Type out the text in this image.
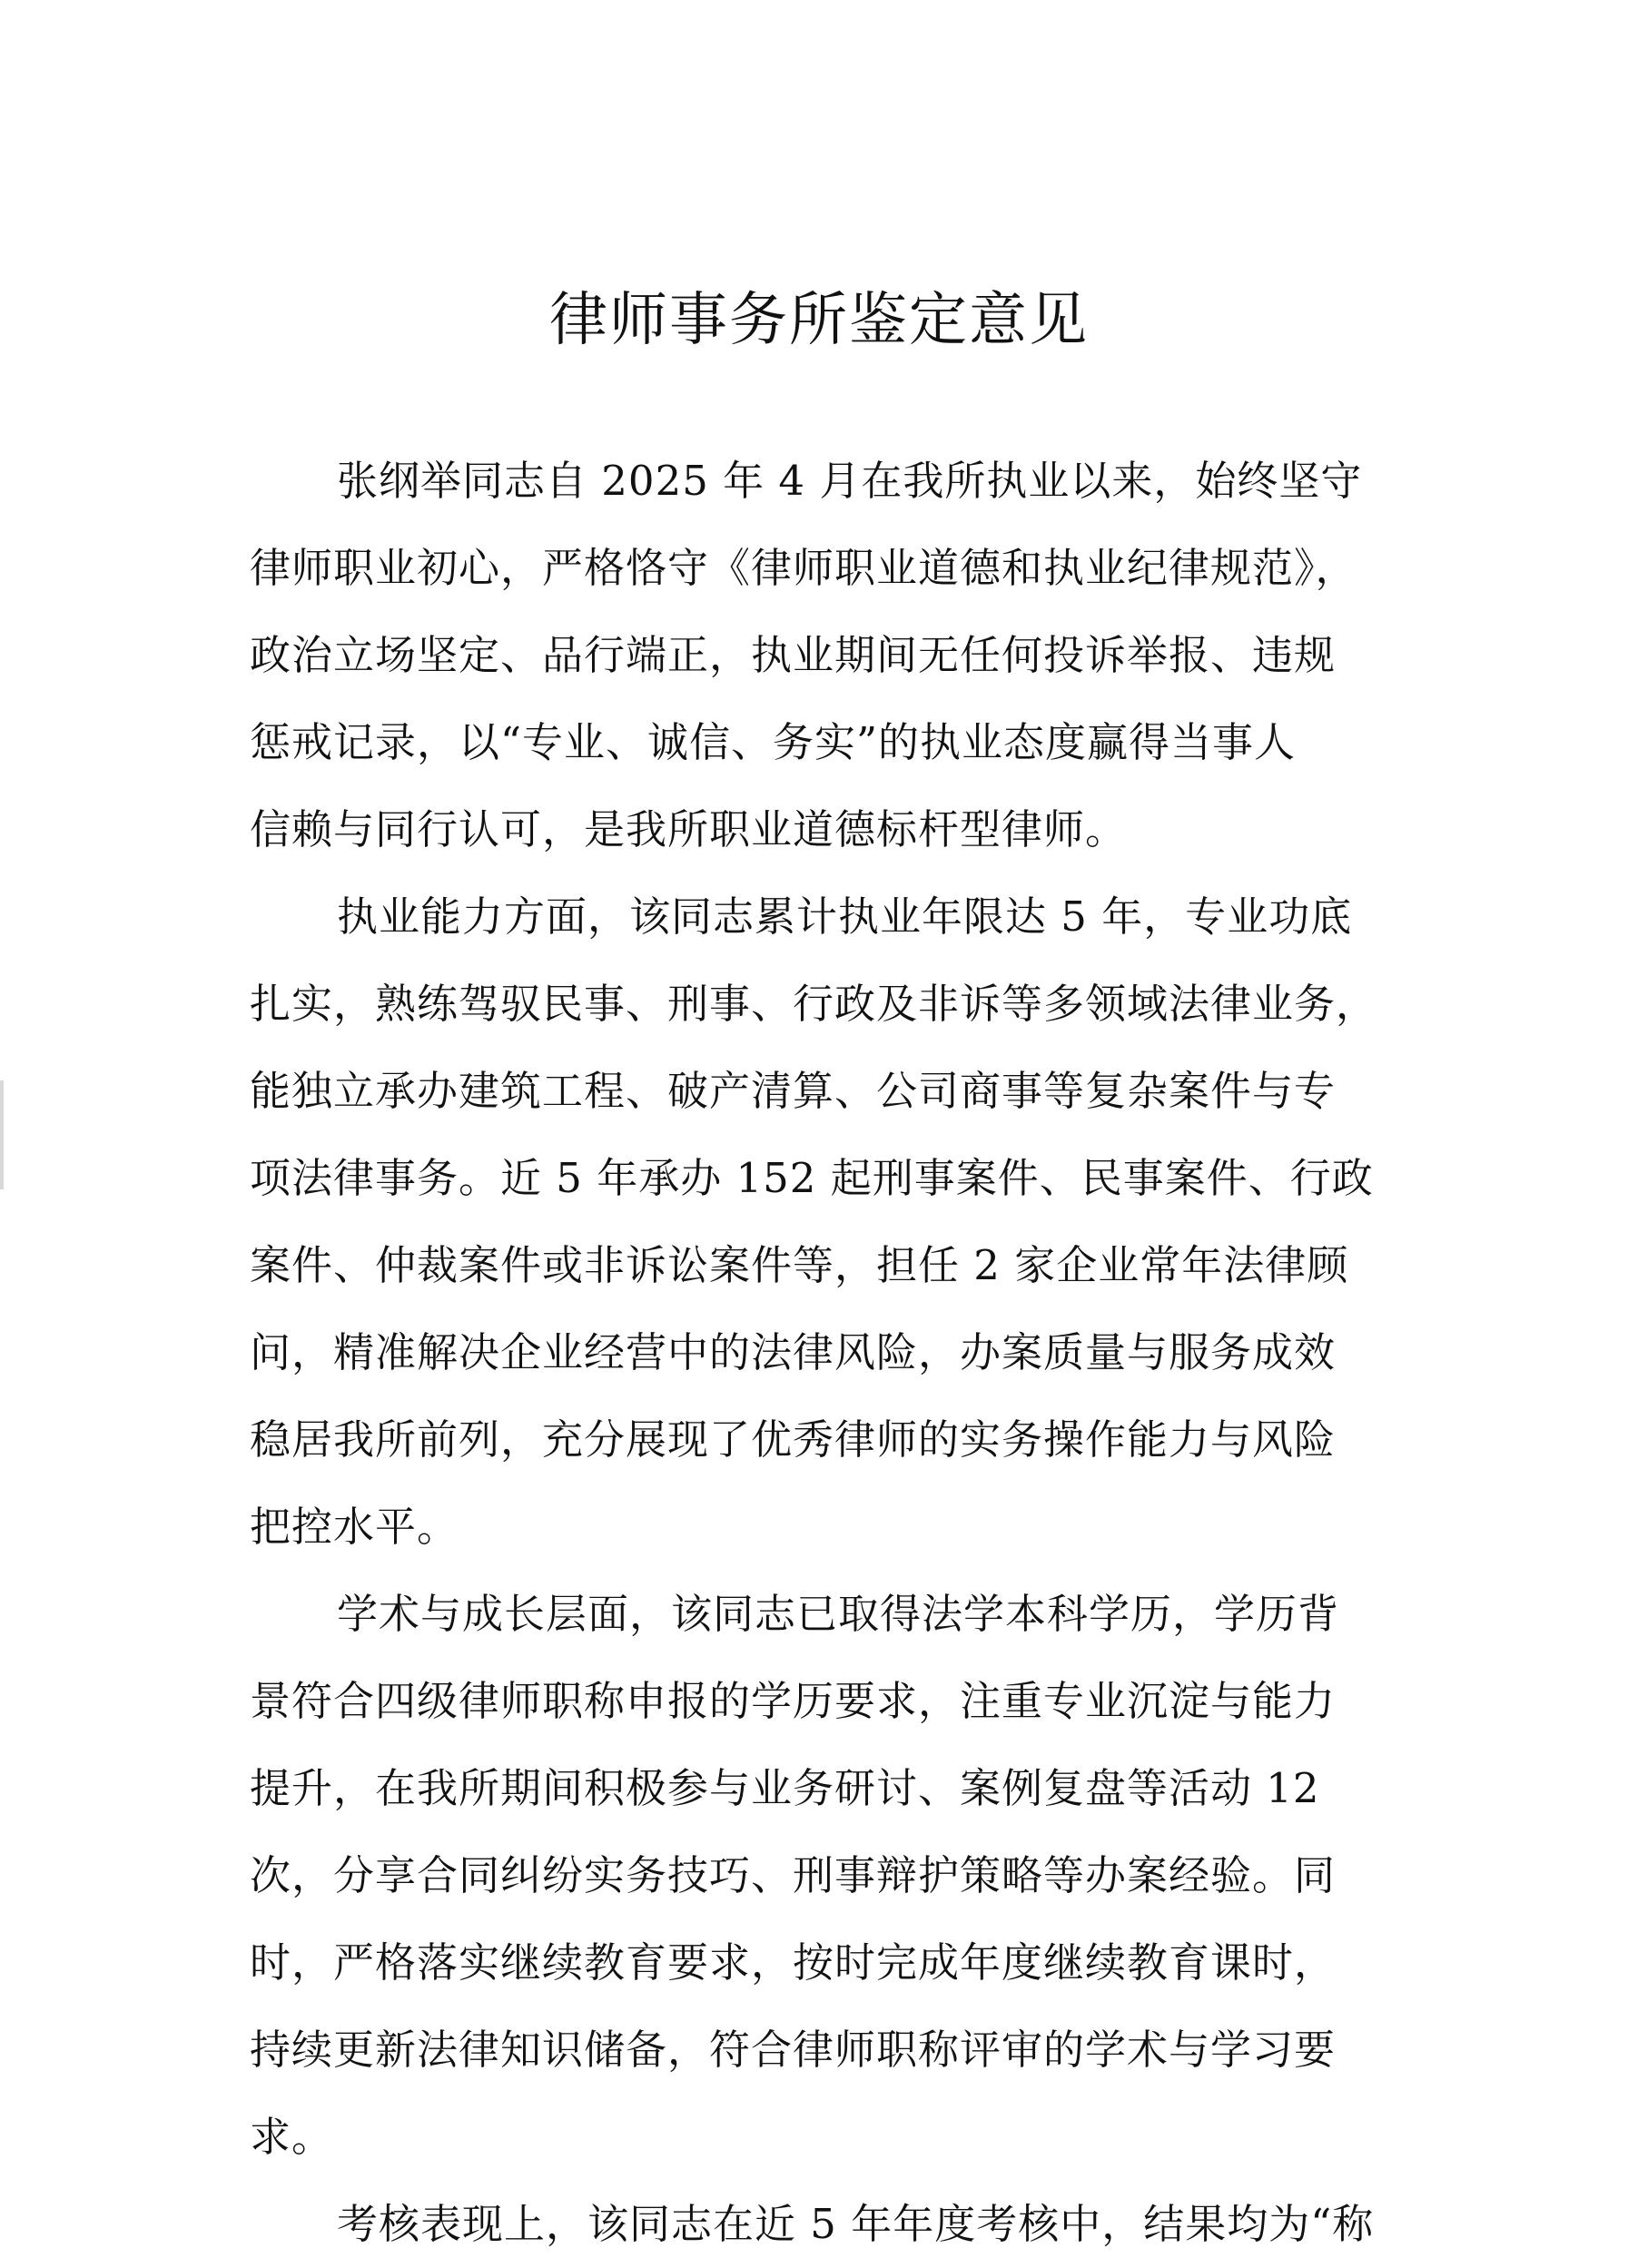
律师事务所鉴定意见
张纲举同志自 2025 年 4 月在我所执业以来，始终坚守
律师职业初心，严格恪守《律师职业道德和执业纪律规范》，
政治立场坚定、品行端正，执业期间无任何投诉举报、违规
惩戒记录，以“专业、诚信、务实”的执业态度赢得当事人
信赖与同行认可，是我所职业道德标杆型律师。
执业能力方面，该同志累计执业年限达 5 年，专业功底
扎实，熟练驾驭民事、刑事、行政及非诉等多领域法律业务，
能独立承办建筑工程、破产清算、公司商事等复杂案件与专
项法律事务。近 5 年承办 152 起刑事案件、民事案件、行政
案件、仲裁案件或非诉讼案件等，担任 2 家企业常年法律顾
问，精准解决企业经营中的法律风险，办案质量与服务成效
稳居我所前列，充分展现了优秀律师的实务操作能力与风险
把控水平。
学术与成长层面，该同志已取得法学本科学历，学历背
景符合四级律师职称申报的学历要求，注重专业沉淀与能力
提升，在我所期间积极参与业务研讨、案例复盘等活动 12
次，分享合同纠纷实务技巧、刑事辩护策略等办案经验。同
时，严格落实继续教育要求，按时完成年度继续教育课时，
持续更新法律知识储备，符合律师职称评审的学术与学习要
求。
考核表现上，该同志在近 5 年年度考核中，结果均为“称
